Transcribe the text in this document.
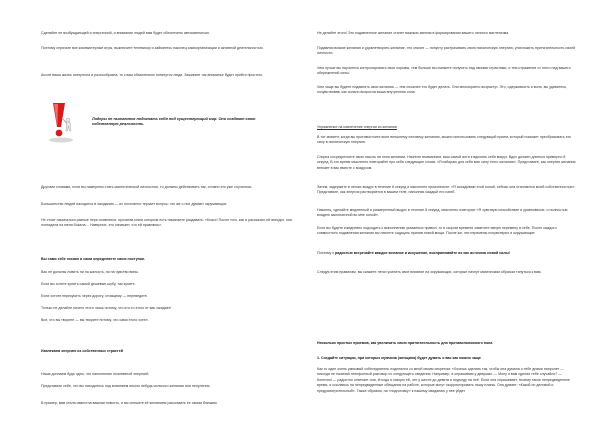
Сделайте ее возбуждающей и энергичной, и внимание людей вам будет обеспечено автоматически.

Поэтому спрячьте все компьютерные игры, выключите телевизор и займитесь наконец самоорганизации и активной деятельностью.

Ассли ваша жизнь интересна и разнообразна, то к вам обязательно потянутся люди. Заживите так вниманье будет прийти простого.

Другими словами, если вы намерены стать магнетической личностью, то должны действовать так, словно это уже случилось.

Большинство людей находятся в ожидании — их постоянно терзает вопрос: что же о них думают окружающие.

Не стоит начинаться разные пере-появлятся, прочитав книги которым есть начинаете раздавать: «Класс! После того, как я рассказал ей анекдот, она поглядела на меня бокала… Наверное, это означает, что ей нравлюсь».

Вы сами себе хозяин и сами определяете свою поступки.

Вас не должны ловить ни на жалость, ни на чувство вины.

Если вы хотите купить самой дешевые шубу, так купите.

Если хотите перекусить через дорогу, стоящему — переведите.

Только не делайте ничего этого лишь потому, что кто-то этого от вас ожидает!

Все, что вы творите — вы творите потому, что сами этого хотел.

Извлекаем энергию из собственных страстей

Наша доплаем будь одно, что наполнение позитивной энергией.

Представьте себе, что вы находитесь под влиянием некого небудь сильного желания или нехуления.

В пример, вам стала известна важная новость, и вы спешите её желанием рассказать ее своим близким.

Лидеры не пытаются подогнать себя под существующий мир. Они создают свою собственную реальность.

Не делайте этого! Это подавленное желание станет важным звеном в формировании вашего личного магнетизма.

Подавляя всякие желания и удовлетворять желание, это значит — попусту растрачивать свою психическую энергию, уничтожить притягательность своей личности.

Чем лучше вы научитесь контролировать свои порывы, тем больше вы сможете получить над своими страстями, и тем отражение от этого над вашего обережнений силы.

Чем чаще вы будете подавлять свои желания — тем сложнее это будет делать. Они многократно возрастут. Это, одержимость и воля, вы удивитесь, почувствовав, как сильно возросла ваша внутренняя сила.

Упражнение на извлечение энергии из желания

В тот момент, когда вы противостоите воле внешнему человеку желанию, можно использовать следующий прием, который поможет преобразовать его силу в психическую энергию.

Спорка сосредоточите свою мысль на этом желании. Начните вниманием, ваш самой алти к вдыхать себя вокруг. Вдох должен длиться примерно 8 секунд. В это время мысленно повторяйте про себя следующие слова: «Я избираю для себя всю силу этого желания». Представьте, как энергия желания втекает в вас вместе с воздухом.

Затем, задержите в легких воздух в течение 8 секунд и мысленно произнесите: «Я складываю этой силой, сейчас она становится моей собственностью». Представьте, как энергия растворяется в вашем теле, наполняя каждый его изгиб.

Наконец, сделайте медленный и размеренный выдох в течение 8 секунд, мысленно повторяя: «Я чувствую спокойствие и уравновесие, и полностью владею заключенной во мне силой».

Если вы будете ежедневно подходить к выполнению указанных правил, то в скором времени заметите явную перемену в себе. После каждого совместного подавления желания вы начнете ощущать прилив новой мощи. После же, эти перемены почувствуют и окружающие.

Поэтому с радостью встречайте каждое желание и искушение, воспринимайте их как источник новой силы!

Следуя этим правилам, вы скажете легко усилить свое влияние на окружающих, которые начнут магическим образом тянуться к вам.

Несколько простых приемов, как увеличить свою притягательность для противоположного пола

1. Сосдайте ситуации, при которых мужчина (женщина) будет думать о вас как можно чаще

Как то один очень умнывый собеседнятель поделился со мной своим секретом: «Хочешь сделать так, чтобы она думала о тебе днями напролет — никогда не начинай телефонный разговор со следующего сведения. Например, я спрашиваю у девушки: — Мону я вам сделал тебе случайно? — Конечно! — радостно отвечает она. Итогда я говорю ей, что у шести до девяти я подъеду на неё. Если она спрашивает, почему такое непредвиденное время, я ссылаюсь на непредвиденные обещания на работе, которые могут скорректировать нашу планы. Она думает: «Какой он деловой и предусмотрительный». Также образом, на «подготовку» к нашему свиданию у нее уйдет
